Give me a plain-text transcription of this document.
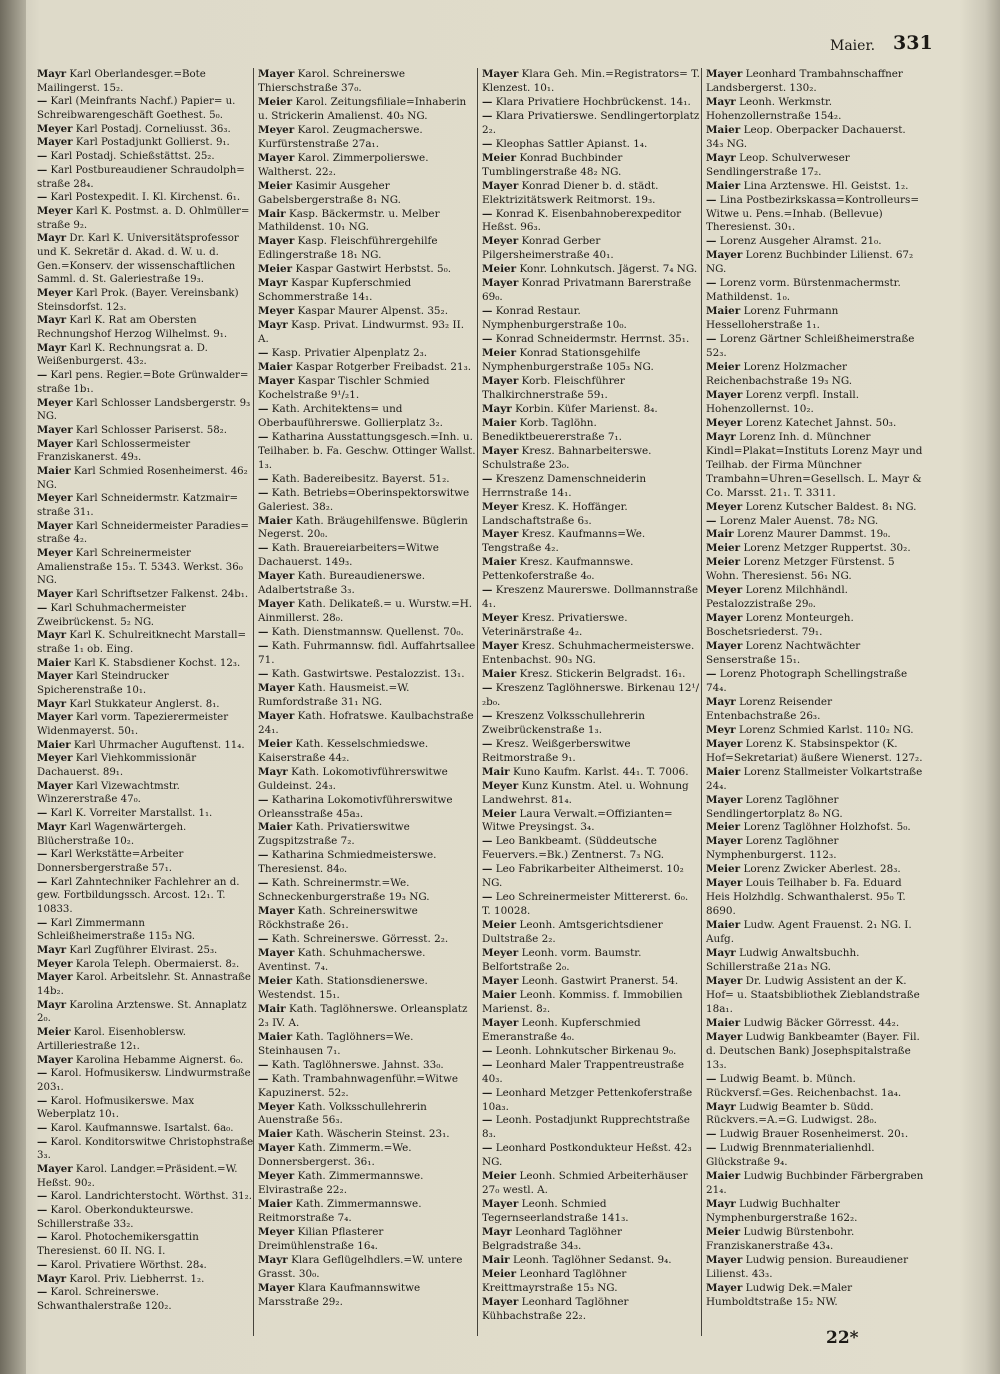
Maier. 331

Mayr Karl Oberlandesger.=Bote Mailingerst. 15₂.

— Karl (Meinfrants Nachf.) Papier= u. Schreibwarengeschäft Goethest. 5₀.

Meyer Karl Postadj. Corneliusst. 36₃.

Mayer Karl Postadjunkt Gollierst. 9₁.

— Karl Postadj. Schießstättst. 25₂.

— Karl Postbureaudiener Schraudolph= straße 28₄.

— Karl Postexpedit. I. Kl. Kirchenst. 6₁.

Meyer Karl K. Postmst. a. D. Ohlmüller= straße 9₂.

Mayr Dr. Karl K. Universitätsprofessor und K. Sekretär d. Akad. d. W. u. d. Gen.=Konserv. der wissenschaftlichen Samml. d. St. Galeriestraße 19₃.

Meyer Karl Prok. (Bayer. Vereinsbank) Steinsdorfst. 12₃.

Mayr Karl K. Rat am Obersten Rechnungshof Herzog Wilhelmst. 9₁.

Mayr Karl K. Rechnungsrat a. D. Weißenburgerst. 43₂.

— Karl pens. Regier.=Bote Grünwalder= straße 1b₁.

Meyer Karl Schlosser Landsbergerstr. 9₃ NG.

Mayer Karl Schlosser Pariserst. 58₂.

Mayer Karl Schlossermeister Franziskanerst. 49₃.

Maier Karl Schmied Rosenheimerst. 46₂ NG.

Meyer Karl Schneidermstr. Katzmair= straße 31₁.

Mayer Karl Schneidermeister Paradies= straße 4₂.

Meyer Karl Schreinermeister Amalienstraße 15₃. T. 5343. Werkst. 36₀ NG.

Mayer Karl Schriftsetzer Falkenst. 24b₁.

— Karl Schuhmachermeister Zweibrückenst. 5₂ NG.

Mayr Karl K. Schulreitknecht Marstall= straße 1₁ ob. Eing.

Maier Karl K. Stabsdiener Kochst. 12₃.

Mayer Karl Steindrucker Spicherenstraße 10₁.

Mayr Karl Stukkateur Anglerst. 8₁.

Mayer Karl vorm. Tapezierermeister Widenmayerst. 50₁.

Maier Karl Uhrmacher Auguftenst. 11₄.

Meyer Karl Viehkommissionär Dachauerst. 89₁.

Mayer Karl Vizewachtmstr. Winzererstraße 47₀.

— Karl K. Vorreiter Marstallst. 1₁.

Mayr Karl Wagenwärtergeh. Blücherstraße 10₂.

— Karl Werkstätte=Arbeiter Donnersbergerstraße 57₁.

— Karl Zahntechniker Fachlehrer an d. gew. Fortbildungssch. Arcost. 12₁. T. 10833.

— Karl Zimmermann Schleißheimerstraße 115₃ NG.

Mayr Karl Zugführer Elvirast. 25₃.

Meyer Karola Teleph. Obermaierst. 8₂.

Mayer Karol. Arbeitslehr. St. Annastraße 14b₂.

Mayr Karolina Arztenswe. St. Annaplatz 2₀.

Meier Karol. Eisenhoblersw. Artilleriestraße 12₁.

Mayer Karolina Hebamme Aignerst. 6₀.

— Karol. Hofmusikersw. Lindwurmstraße 203₁.

— Karol. Hofmusikerswe. Max Weberplatz 10₁.

— Karol. Kaufmannswe. Isartalst. 6a₀.

— Karol. Konditorswitwe Christophstraße 3₃.

Mayer Karol. Landger.=Präsident.=W. Heßst. 90₂.

— Karol. Landrichterstocht. Wörthst. 31₂.

— Karol. Oberkondukteurswe. Schillerstraße 33₂.

— Karol. Photochemikersgattin Theresienst. 60 II. NG. I.

— Karol. Privatiere Wörthst. 28₄.

Mayr Karol. Priv. Liebherrst. 1₂.

— Karol. Schreinerswe. Schwanthalerstraße 120₂.

Mayer Karol. Schreinerswe Thierschstraße 37₀.

Meier Karol. Zeitungsfiliale=Inhaberin u. Strickerin Amalienst. 40₃ NG.

Meyer Karol. Zeugmacherswe. Kurfürstenstraße 27a₁.

Mayer Karol. Zimmerpolierswe. Waltherst. 22₂.

Meier Kasimir Ausgeher Gabelsbergerstraße 8₁ NG.

Mair Kasp. Bäckermstr. u. Melber Mathildenst. 10₁ NG.

Mayer Kasp. Fleischführergehilfe Edlingerstraße 18₁ NG.

Meier Kaspar Gastwirt Herbstst. 5₀.

Mayr Kaspar Kupferschmied Schommerstraße 14₁.

Meyer Kaspar Maurer Alpenst. 35₂.

Mayr Kasp. Privat. Lindwurmst. 93₂ II. A.

— Kasp. Privatier Alpenplatz 2₃.

Maier Kaspar Rotgerber Freibadst. 21₃.

Mayer Kaspar Tischler Schmied Kochelstraße 9¹/₂1.

— Kath. Architektens= und Oberbauführerswe. Gollierplatz 3₂.

— Katharina Ausstattungsgesch.=Inh. u. Teilhaber. b. Fa. Geschw. Ottinger Wallst. 1₃.

— Kath. Badereibesitz. Bayerst. 51₂.

— Kath. Betriebs=Oberinspektorswitwe Galeriest. 38₂.

Maier Kath. Bräugehilfenswe. Büglerin Negerst. 20₀.

— Kath. Brauereiarbeiters=Witwe Dachauerst. 149₃.

Mayer Kath. Bureaudienerswe. Adalbertstraße 3₃.

Mayer Kath. Delikateß.= u. Wurstw.=H. Ainmillerst. 28₀.

— Kath. Dienstmannsw. Quellenst. 70₀.

— Kath. Fuhrmannsw. fidl. Auffahrtsallee 71.

— Kath. Gastwirtswe. Pestalozzist. 13₁.

Mayer Kath. Hausmeist.=W. Rumfordstraße 31₁ NG.

Mayer Kath. Hofratswe. Kaulbachstraße 24₁.

Meier Kath. Kesselschmiedswe. Kaiserstraße 44₂.

Mayr Kath. Lokomotivführerswitwe Guldeinst. 24₃.

— Katharina Lokomotivführerswitwe Orleansstraße 45a₃.

Maier Kath. Privatierswitwe Zugspitzstraße 7₂.

— Katharina Schmiedmeisterswe. Theresienst. 84₀.

— Kath. Schreinermstr.=We. Schneckenburgerstraße 19₃ NG.

Mayer Kath. Schreinerswitwe Röckhstraße 26₁.

— Kath. Schreinerswe. Görresst. 2₂.

Mayer Kath. Schuhmacherswe. Aventinst. 7₄.

Meier Kath. Stationsdienerswe. Westendst. 15₁.

Mair Kath. Taglöhnerswe. Orleansplatz 2₃ IV. A.

Maier Kath. Taglöhners=We. Steinhausen 7₁.

— Kath. Taglöhnerswe. Jahnst. 33₀.

— Kath. Trambahnwagenführ.=Witwe Kapuzinerst. 52₂.

Meyer Kath. Volksschullehrerin Auenstraße 56₃.

Maier Kath. Wäscherin Steinst. 23₁.

Mayer Kath. Zimmerm.=We. Donnersbergerst. 36₁.

Meyer Kath. Zimmermannswe. Elvirastraße 22₂.

Maier Kath. Zimmermannswe. Reitmorstraße 7₄.

Meyer Kilian Pflasterer Dreimühlenstraße 16₄.

Mayr Klara Geflügelhdlers.=W. untere Grasst. 30₀.

Mayer Klara Kaufmannswitwe Marsstraße 29₂.

Mayer Klara Geh. Min.=Registrators= T. Klenzest. 10₁.

— Klara Privatiere Hochbrückenst. 14₁.

— Klara Privatierswe. Sendlingertorplatz 2₂.

— Kleophas Sattler Apianst. 1₄.

Meier Konrad Buchbinder Tumblingerstraße 48₂ NG.

Mayer Konrad Diener b. d. städt. Elektrizitätswerk Reitmorst. 19₃.

— Konrad K. Eisenbahnoberexpeditor Heßst. 96₃.

Meyer Konrad Gerber Pilgersheimerstraße 40₁.

Meier Konr. Lohnkutsch. Jägerst. 7₄ NG.

Mayer Konrad Privatmann Barerstraße 69₀.

— Konrad Restaur. Nymphenburgerstraße 10₀.

— Konrad Schneidermstr. Herrnst. 35₁.

Meier Konrad Stationsgehilfe Nymphenburgerstraße 105₃ NG.

Mayer Korb. Fleischführer Thalkirchnerstraße 59₁.

Mayr Korbin. Küfer Marienst. 8₄.

Maier Korb. Taglöhn. Benediktbeuererstraße 7₁.

Mayer Kresz. Bahnarbeiterswe. Schulstraße 23₀.

— Kreszenz Damenschneiderin Herrnstraße 14₁.

Meyer Kresz. K. Hoffänger. Landschaftstraße 6₃.

Mayer Kresz. Kaufmanns=We. Tengstraße 4₂.

Maier Kresz. Kaufmannswe. Pettenkoferstraße 4₀.

— Kreszenz Maurerswe. Dollmannstraße 4₁.

Meyer Kresz. Privatierswe. Veterinärstraße 4₂.

Mayer Kresz. Schuhmachermeisterswe. Entenbachst. 90₃ NG.

Maier Kresz. Stickerin Belgradst. 16₁.

— Kreszenz Taglöhnerswe. Birkenau 12¹/₂b₀.

— Kreszenz Volksschullehrerin Zweibrückenstraße 1₃.

— Kresz. Weißgerberswitwe Reitmorstraße 9₁.

Mair Kuno Kaufm. Karlst. 44₁. T. 7006.

Meyer Kunz Kunstm. Atel. u. Wohnung Landwehrst. 81₄.

Meier Laura Verwalt.=Offizianten= Witwe Preysingst. 3₄.

— Leo Bankbeamt. (Süddeutsche Feuervers.=Bk.) Zentnerst. 7₃ NG.

— Leo Fabrikarbeiter Altheimerst. 10₂ NG.

— Leo Schreinermeister Mittererst. 6₀. T. 10028.

Meier Leonh. Amtsgerichtsdiener Dultstraße 2₂.

Meyer Leonh. vorm. Baumstr. Belfortstraße 2₀.

Mayer Leonh. Gastwirt Pranerst. 54.

Maier Leonh. Kommiss. f. Immobilien Marienst. 8₂.

Mayer Leonh. Kupferschmied Emeranstraße 4₀.

— Leonh. Lohnkutscher Birkenau 9₀.

— Leonhard Maler Trappentreustraße 40₃.

— Leonhard Metzger Pettenkoferstraße 10a₃.

— Leonh. Postadjunkt Rupprechtstraße 8₃.

— Leonhard Postkondukteur Heßst. 42₃ NG.

Meier Leonh. Schmied Arbeiterhäuser 27₀ westl. A.

Mayer Leonh. Schmied Tegernseerlandstraße 141₃.

Mayr Leonhard Taglöhner Belgradstraße 34₃.

Mair Leonh. Taglöhner Sedanst. 9₄.

Meier Leonhard Taglöhner Kreittmayrstraße 15₃ NG.

Mayer Leonhard Taglöhner Kühbachstraße 22₂.

Mayer Leonhard Trambahnschaffner Landsbergerst. 130₂.

Mayr Leonh. Werkmstr. Hohenzollernstraße 154₂.

Maier Leop. Oberpacker Dachauerst. 34₃ NG.

Mayr Leop. Schulverweser Sendlingerstraße 17₂.

Maier Lina Arztenswe. Hl. Geistst. 1₂.

— Lina Postbezirkskassa=Kontrolleurs= Witwe u. Pens.=Inhab. (Bellevue) Theresienst. 30₁.

— Lorenz Ausgeher Alramst. 21₀.

Mayer Lorenz Buchbinder Lilienst. 67₂ NG.

— Lorenz vorm. Bürstenmachermstr. Mathildenst. 1₀.

Maier Lorenz Fuhrmann Hesselloherstraße 1₁.

— Lorenz Gärtner Schleißheimerstraße 52₃.

Meier Lorenz Holzmacher Reichenbachstraße 19₃ NG.

Mayer Lorenz verpfl. Install. Hohenzollernst. 10₂.

Meyer Lorenz Katechet Jahnst. 50₃.

Mayr Lorenz Inh. d. Münchner Kindl=Plakat=Instituts Lorenz Mayr und Teilhab. der Firma Münchner Trambahn=Uhren=Gesellsch. L. Mayr & Co. Marsst. 21₁. T. 3311.

Meyer Lorenz Kutscher Baldest. 8₁ NG.

— Lorenz Maler Auenst. 78₂ NG.

Mair Lorenz Maurer Dammst. 19₀.

Meier Lorenz Metzger Ruppertst. 30₂.

Meier Lorenz Metzger Fürstenst. 5 Wohn. Theresienst. 56₁ NG.

Meyer Lorenz Milchhändl. Pestalozzistraße 29₀.

Mayer Lorenz Monteurgeh. Boschetsriederst. 79₁.

Mayer Lorenz Nachtwächter Senserstraße 15₁.

— Lorenz Photograph Schellingstraße 74₄.

Mayr Lorenz Reisender Entenbachstraße 26₃.

Meyr Lorenz Schmied Karlst. 110₂ NG.

Mayer Lorenz K. Stabsinspektor (K. Hof=Sekretariat) äußere Wienerst. 127₂.

Maier Lorenz Stallmeister Volkartstraße 24₄.

Mayer Lorenz Taglöhner Sendlingertorplatz 8₀ NG.

Meier Lorenz Taglöhner Holzhofst. 5₀.

Mayer Lorenz Taglöhner Nymphenburgerst. 112₃.

Meier Lorenz Zwicker Aberlest. 28₃.

Mayer Louis Teilhaber b. Fa. Eduard Heis Holzhdlg. Schwanthalerst. 95₀ T. 8690.

Maier Ludw. Agent Frauenst. 2₁ NG. I. Aufg.

Mayr Ludwig Anwaltsbuchh. Schillerstraße 21a₃ NG.

Mayer Dr. Ludwig Assistent an der K. Hof= u. Staatsbibliothek Zieblandstraße 18a₁.

Maier Ludwig Bäcker Görresst. 44₂.

Mayer Ludwig Bankbeamter (Bayer. Fil. d. Deutschen Bank) Josephspitalstraße 13₃.

— Ludwig Beamt. b. Münch. Rückversf.=Ges. Reichenbachst. 1a₄.

Mayr Ludwig Beamter b. Südd. Rückvers.=A.=G. Ludwigst. 28₀.

— Ludwig Brauer Rosenheimerst. 20₁.

— Ludwig Brennmaterialienhdl. Glückstraße 9₄.

Maier Ludwig Buchbinder Färbergraben 21₄.

Mayr Ludwig Buchhalter Nymphenburgerstraße 162₂.

Meier Ludwig Bürstenbohr. Franziskanerstraße 43₄.

Mayer Ludwig pension. Bureaudiener Lilienst. 43₃.

Mayer Ludwig Dek.=Maler Humboldtstraße 15₂ NW.

22*
